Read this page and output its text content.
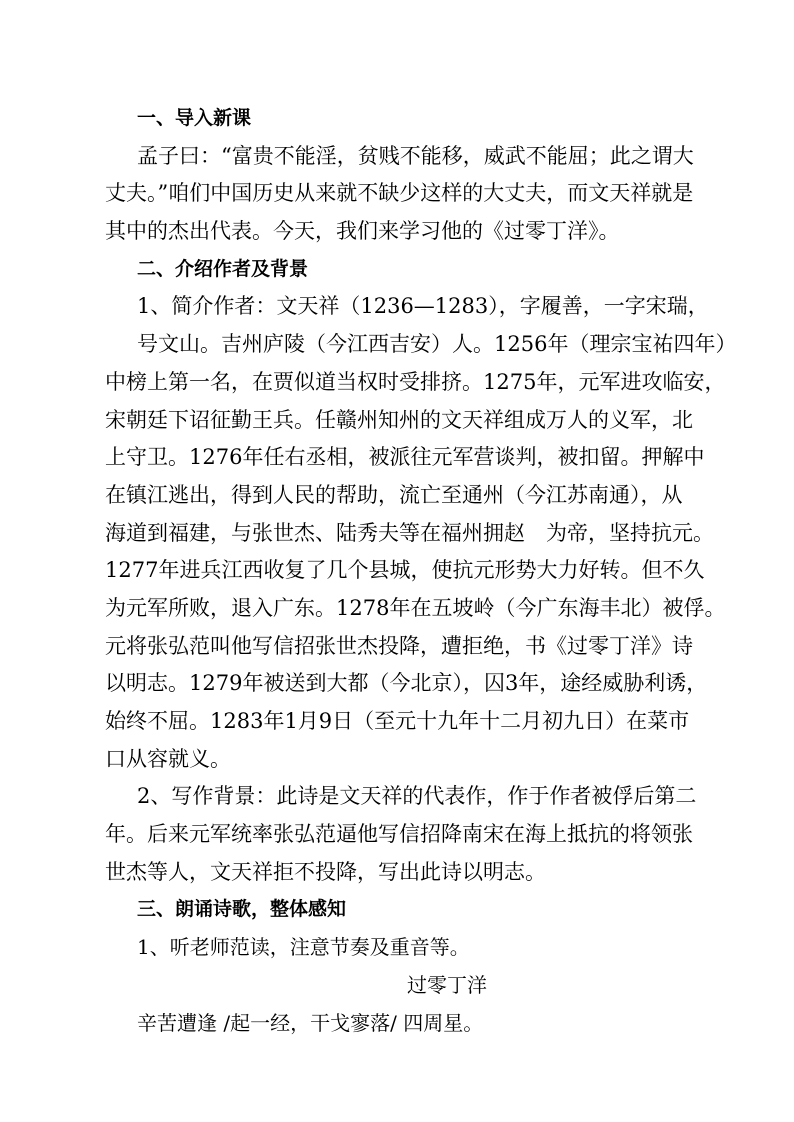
一、导入新课

孟子曰：“富贵不能淫，贫贱不能移，威武不能屈；此之谓大
丈夫。”咱们中国历史从来就不缺少这样的大丈夫，而文天祥就是
其中的杰出代表。今天，我们来学习他的《过零丁洋》。

二、介绍作者及背景

1、简介作者：文天祥（1236—1283），字履善，一字宋瑞，
号文山。吉州庐陵（今江西吉安）人。1256年（理宗宝祐四年）
中榜上第一名，在贾似道当权时受排挤。1275年，元军进攻临安，
宋朝廷下诏征勤王兵。任赣州知州的文天祥组成万人的义军，北
上守卫。1276年任右丞相，被派往元军营谈判，被扣留。押解中
在镇江逃出，得到人民的帮助，流亡至通州（今江苏南通），从
海道到福建，与张世杰、陆秀夫等在福州拥赵　为帝，坚持抗元。
1277年进兵江西收复了几个县城，使抗元形势大力好转。但不久
为元军所败，退入广东。1278年在五坡岭（今广东海丰北）被俘。
元将张弘范叫他写信招张世杰投降，遭拒绝，书《过零丁洋》诗
以明志。1279年被送到大都（今北京），囚3年，途经威胁利诱，
始终不屈。1283年1月9日（至元十九年十二月初九日）在菜市
口从容就义。
2、写作背景：此诗是文天祥的代表作，作于作者被俘后第二
年。后来元军统率张弘范逼他写信招降南宋在海上抵抗的将领张
世杰等人，文天祥拒不投降，写出此诗以明志。

三、朗诵诗歌，整体感知

1、听老师范读，注意节奏及重音等。

过零丁洋

辛苦遭逢 /起一经，干戈寥落/ 四周星。
